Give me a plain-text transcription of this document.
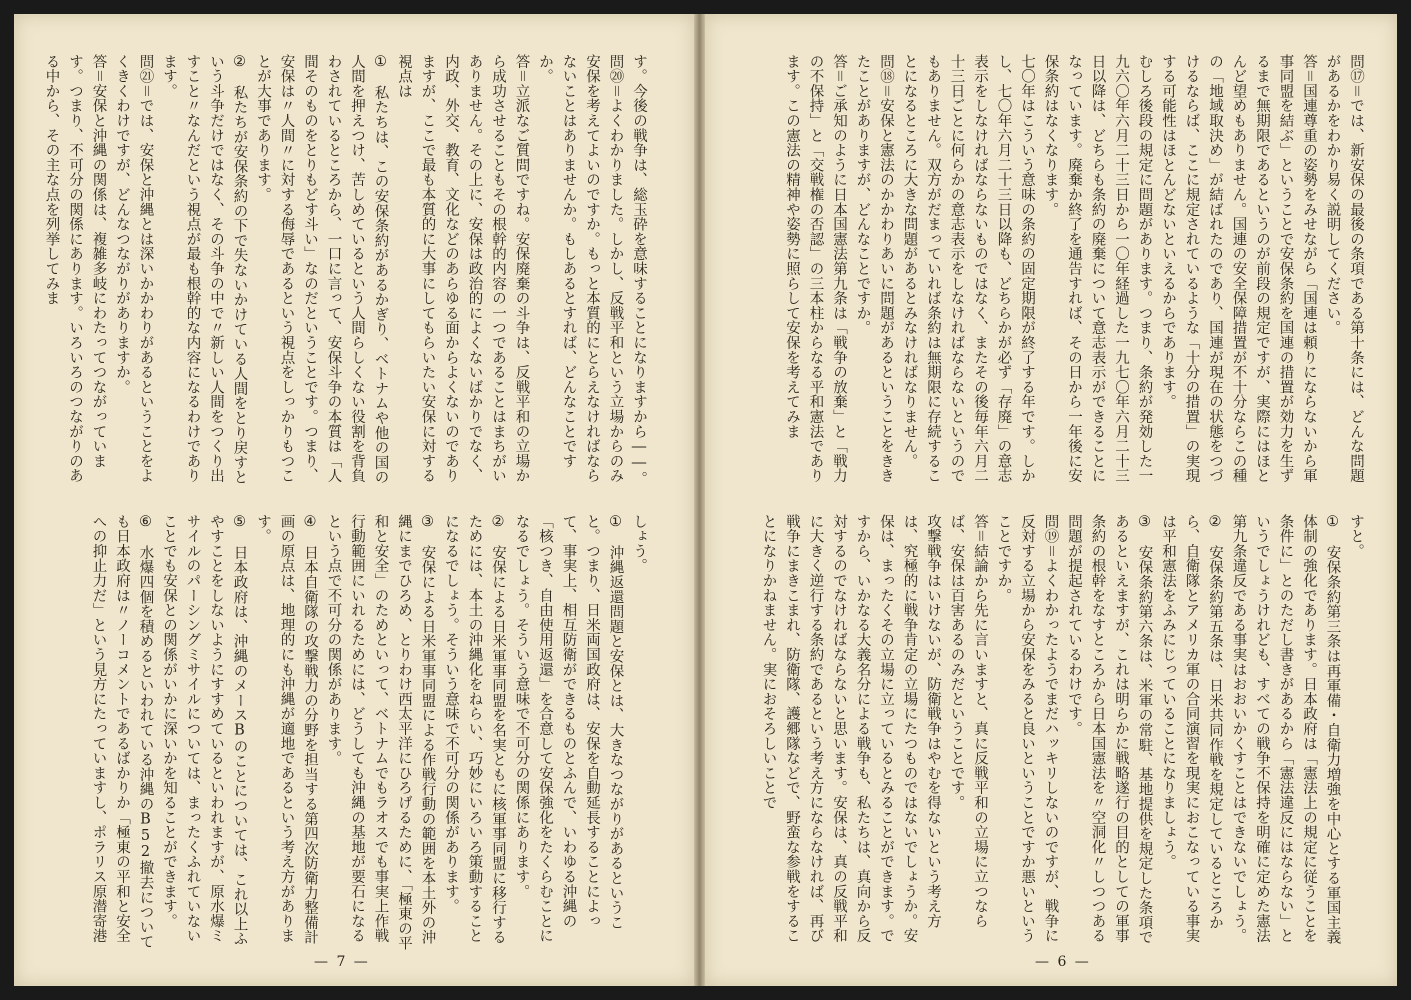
す。今後の戦争は、総玉砕を意味することになりますから――。
問⑳＝よくわかりました。しかし、反戦平和という立場からのみ安保を考えてよいのですか。もっと本質的にとらえなければならないことはありませんか。もしあるとすれば、どんなことですか。
答＝立派なご質問ですね。安保廃棄の斗争は、反戦平和の立場から成功させることもその根幹的内容の一つであることはまちがいありません。その上に、安保は政治的によくないばかりでなく、内政、外交、教育、文化などのあらゆる面からよくないのでありますが、ここで最も本質的に大事にしてもらいたい安保に対する視点は
①　私たちは、この安保条約があるかぎり、ベトナムや他の国の人間を押えつけ、苦しめているという人間らしくない役割を背負わされているところから、一口に言って、安保斗争の本質は「人間そのものをとりもどす斗い」なのだということです。つまり、安保は〃人間〃に対する侮辱であるという視点をしっかりもつことが大事であります。
②　私たちが安保条約の下で失ないかけている人間をとり戻すという斗争だけではなく、その斗争の中で〃新しい人間をつくり出すこと〃なんだという視点が最も根幹的な内容になるわけであります。
問㉑＝では、安保と沖縄とは深いかかわりがあるということをよくきくわけですが、どんなつながりがありますか。
答＝安保と沖縄の関係は、複雑多岐にわたってつながっています。つまり、不可分の関係にあります。いろいろのつながりのある中から、その主な点を列挙してみま

しょう。
①　沖縄返還問題と安保とは、大きなつながりがあるということ。つまり、日米両国政府は、安保を自動延長することによって、事実上、相互防衛ができるものとふんで、いわゆる沖縄の「核つき、自由使用返還」を合意して安保強化をたくらむことになるでしょう。そういう意味で不可分の関係にあります。
②　安保による日米軍事同盟を名実ともに核軍事同盟に移行するためには、本土の沖縄化をねらい、巧妙にいろいろ策動することになるでしょう。そういう意味で不可分の関係があります。
③　安保による日米軍事同盟による作戦行動の範囲を本土外の沖縄にまでひろめ、とりわけ西太平洋にひろげるために、「極東の平和と安全」のためといって、ベトナムでもラオスでも事実上作戦行動範囲にいれるためには、どうしても沖縄の基地が要石になるという点で不可分の関係があります。
④　日本自衛隊の攻撃戦力の分野を担当する第四次防衛力整備計画の原点は、地理的にも沖縄が適地であるという考え方があります。
⑤　日本政府は、沖縄のメースBのことについては、これ以上ふやすことをしないようにすすめているといわれますが、原水爆ミサイルのパーシングミサイルについては、まったくふれていないことでも安保との関係がいかに深いかを知ることができます。
⑥　水爆四個を積めるといわれている沖縄のB52撤去についても日本政府は〃ノーコメントであるばかりか「極東の平和と安全への抑止力だ」という見方にたっていますし、ポラリス原潜寄港

— 7 —

問⑰＝では、新安保の最後の条項である第十条には、どんな問題があるかをわかり易く説明してください。
答＝国連尊重の姿勢をみせながら「国連は頼りにならないから軍事同盟を結ぶ」ということで安保条約を国連の措置が効力を生ずるまで無期限であるというのが前段の規定ですが、実際にはほとんど望めもありません。国連の安全保障措置が不十分ならこの種の「地域取決め」が結ばれたのであり、国連が現在の状態をつづけるならば、ここに規定されているような「十分の措置」の実現する可能性はほとんどないといえるからであります。
むしろ後段の規定に問題があります。つまり、条約が発効した一九六〇年六月二十三日から一〇年経過した一九七〇年六月二十三日以降は、どちらも条約の廃棄について意志表示ができることになっています。廃棄か終了を通告すれば、その日から一年後に安保条約はなくなります。
七〇年はこういう意味の条約の固定期限が終了する年です。しかし、七〇年六月二十三日以降も、どちらかが必ず「存廃」の意志表示をしなければならないものではなく、またその後毎年六月二十三日ごとに何らかの意志表示をしなければならないというのでもありません。双方がだまっていれば条約は無期限に存続することになるところに大きな問題があるとみなければなりません。
問⑱＝安保と憲法のかかわりあいに問題があるということをききたことがありますが、どんなことですか。
答＝ご承知のように日本国憲法第九条は「戦争の放棄」と「戦力の不保持」と「交戦権の否認」の三本柱からなる平和憲法であります。この憲法の精神や姿勢に照らして安保を考えてみま

すと。
①　安保条約第三条は再軍備・自衛力増強を中心とする軍国主義体制の強化であります。日本政府は「憲法上の規定に従うことを条件に」とのただし書きがあるから「憲法違反にはならない」というでしょうけれども、すべての戦争不保持を明確に定めた憲法第九条違反である事実はおおいかくすことはできないでしょう。
②　安保条約第五条は、日米共同作戦を規定しているところから、自衛隊とアメリカ軍の合同演習を現実におこなっている事実は平和憲法をふみにじっていることになりましょう。
③　安保条約第六条は、米軍の常駐、基地提供を規定した条項であるといえますが、これは明らかに戦略遂行の目的としての軍事条約の根幹をなすところから日本国憲法を〃空洞化〃しつつある問題が提起されているわけです。
問⑲＝よくわかったようでまだハッキリしないのですが、戦争に反対する立場から安保をみると良いということですか悪いということですか。
答＝結論から先に言いますと、真に反戦平和の立場に立つならば、安保は百害あるのみだということです。
攻撃戦争はいけないが、防衛戦争はやむを得ないという考え方は、究極的に戦争肯定の立場にたつものではないでしょうか。安保は、まったくその立場に立っているとみることができます。ですから、いかなる大義名分による戦争も、私たちは、真向から反対するのでなければならないと思います。安保は、真の反戦平和に大きく逆行する条約であるという考え方にならなければ、再び戦争にまきこまれ、防衛隊、護郷隊などで、野蛮な参戦をすることになりかねません。実におそろしいことで

— 6 —
